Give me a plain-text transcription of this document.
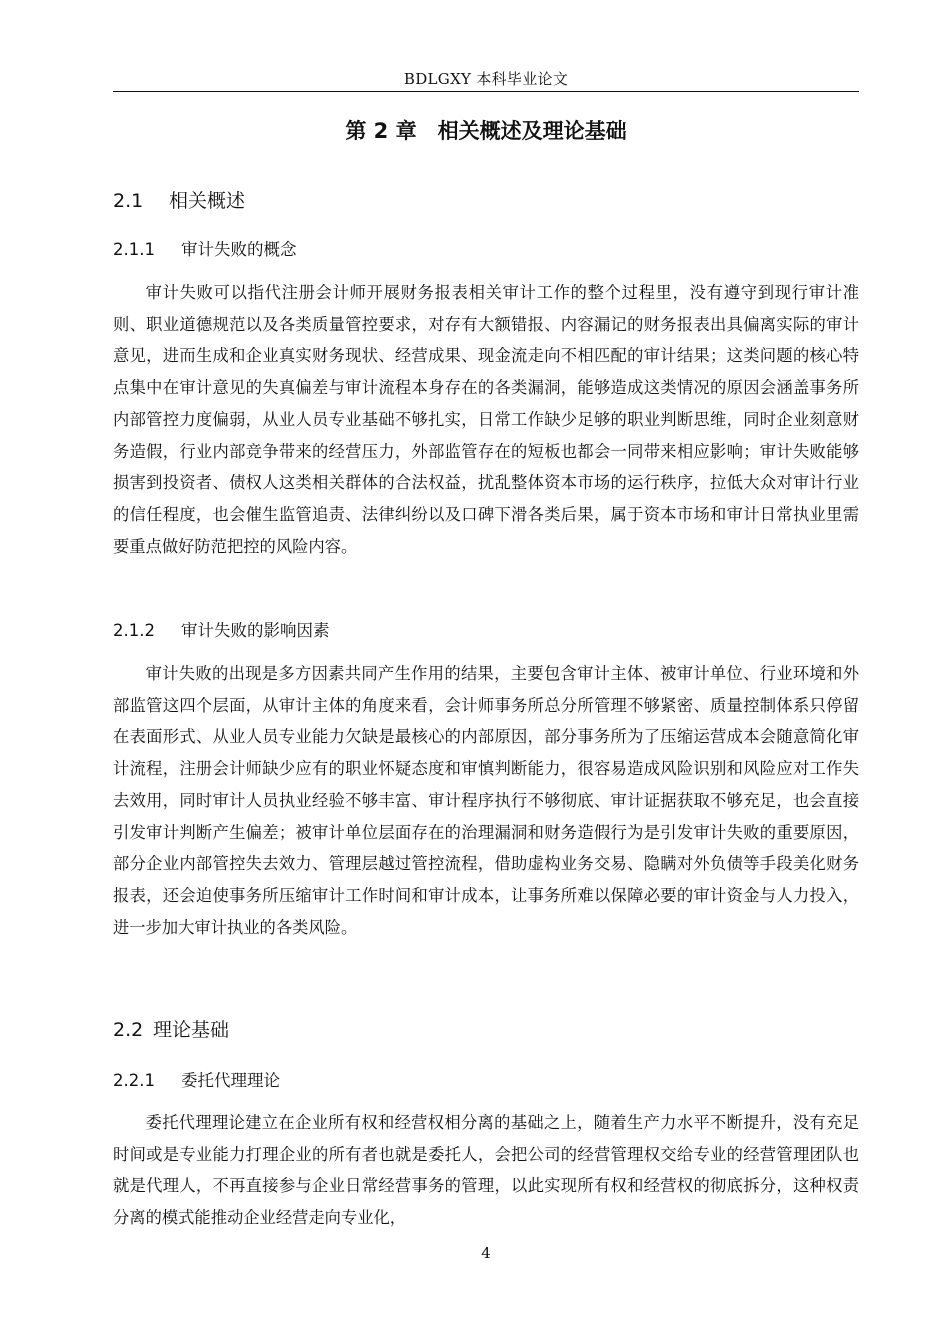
BDLGXY 本科毕业论文
第 2 章　相关概述及理论基础
2.1 相关概述
2.1.1 审计失败的概念

审计失败可以指代注册会计师开展财务报表相关审计工作的整个过程里，没有遵守到现行审计准则、职业道德规范以及各类质量管控要求，对存有大额错报、内容漏记的财务报表出具偏离实际的审计意见，进而生成和企业真实财务现状、经营成果、现金流走向不相匹配的审计结果；这类问题的核心特点集中在审计意见的失真偏差与审计流程本身存在的各类漏洞，能够造成这类情况的原因会涵盖事务所内部管控力度偏弱，从业人员专业基础不够扎实，日常工作缺少足够的职业判断思维，同时企业刻意财务造假，行业内部竞争带来的经营压力，外部监管存在的短板也都会一同带来相应影响；审计失败能够损害到投资者、债权人这类相关群体的合法权益，扰乱整体资本市场的运行秩序，拉低大众对审计行业的信任程度，也会催生监管追责、法律纠纷以及口碑下滑各类后果，属于资本市场和审计日常执业里需要重点做好防范把控的风险内容。

2.1.2 审计失败的影响因素

审计失败的出现是多方因素共同产生作用的结果，主要包含审计主体、被审计单位、行业环境和外部监管这四个层面，从审计主体的角度来看，会计师事务所总分所管理不够紧密、质量控制体系只停留在表面形式、从业人员专业能力欠缺是最核心的内部原因，部分事务所为了压缩运营成本会随意简化审计流程，注册会计师缺少应有的职业怀疑态度和审慎判断能力，很容易造成风险识别和风险应对工作失去效用，同时审计人员执业经验不够丰富、审计程序执行不够彻底、审计证据获取不够充足，也会直接引发审计判断产生偏差；被审计单位层面存在的治理漏洞和财务造假行为是引发审计失败的重要原因，部分企业内部管控失去效力、管理层越过管控流程，借助虚构业务交易、隐瞒对外负债等手段美化财务报表，还会迫使事务所压缩审计工作时间和审计成本，让事务所难以保障必要的审计资金与人力投入，进一步加大审计执业的各类风险。

2.2 理论基础
2.2.1 委托代理理论

委托代理理论建立在企业所有权和经营权相分离的基础之上，随着生产力水平不断提升，没有充足时间或是专业能力打理企业的所有者也就是委托人，会把公司的经营管理权交给专业的经营管理团队也就是代理人，不再直接参与企业日常经营事务的管理，以此实现所有权和经营权的彻底拆分，这种权责分离的模式能推动企业经营走向专业化，

4
